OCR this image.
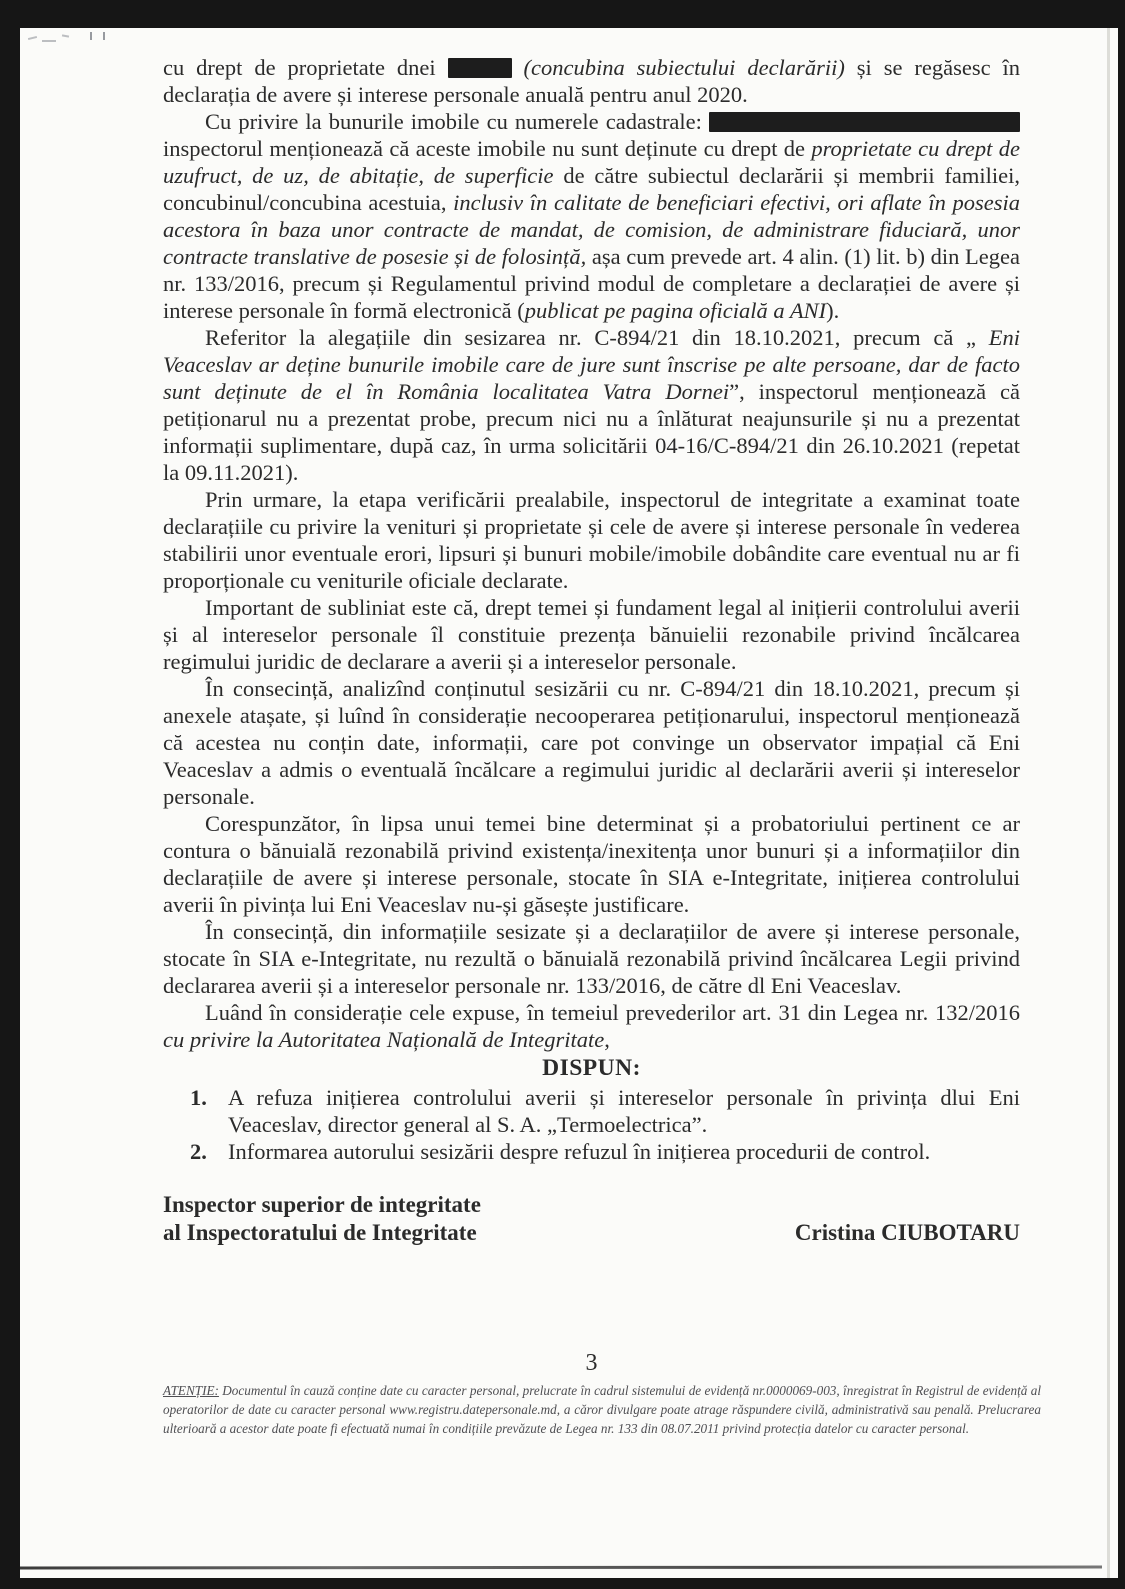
cu drept de proprietate dnei	(concubina subiectului declarării) și se regăsesc în declarația de avere și interese personale anuală pentru anul 2020.

Cu privire la bunurile imobile cu numerele cadastrale:  inspectorul menționează că aceste imobile nu sunt deținute cu drept de proprietate cu drept de uzufruct, de uz, de abitație, de superficie de către subiectul declarării și membrii familiei, concubinul/concubina acestuia, inclusiv în calitate de beneficiari efectivi, ori aflate în posesia acestora în baza unor contracte de mandat, de comision, de administrare fiduciară, unor contracte translative de posesie și de folosință, așa cum prevede art. 4 alin. (1) lit. b) din Legea nr. 133/2016, precum și Regulamentul privind modul de completare a declarației de avere și interese personale în formă electronică (publicat pe pagina oficială a ANI).

Referitor la alegațiile din sesizarea nr. C-894/21 din 18.10.2021, precum că „ Eni Veaceslav ar deține bunurile imobile care de jure sunt înscrise pe alte persoane, dar de facto sunt deținute de el în România localitatea Vatra Dornei”, inspectorul menționează că petiționarul nu a prezentat probe, precum nici nu a înlăturat neajunsurile și nu a prezentat informații suplimentare, după caz, în urma solicitării 04-16/C-894/21 din 26.10.2021 (repetat la 09.11.2021).

Prin urmare, la etapa verificării prealabile, inspectorul de integritate a examinat toate declarațiile cu privire la venituri și proprietate și cele de avere și interese personale în vederea stabilirii unor eventuale erori, lipsuri și bunuri mobile/imobile dobândite care eventual nu ar fi proporționale cu veniturile oficiale declarate.

Important de subliniat este că, drept temei și fundament legal al inițierii controlului averii și al intereselor personale îl constituie prezența bănuielii rezonabile privind încălcarea regimului juridic de declarare a averii și a intereselor personale.

În consecință, analizînd conținutul sesizării cu nr. C-894/21 din 18.10.2021, precum și anexele atașate, și luînd în considerație necooperarea petiționarului, inspectorul menționează că acestea nu conțin date, informații, care pot convinge un observator impațial că Eni Veaceslav a admis o eventuală încălcare a regimului juridic al declarării averii și intereselor personale.

Corespunzător, în lipsa unui temei bine determinat și a probatoriului pertinent ce ar contura o bănuială rezonabilă privind existența/inexitența unor bunuri și a informațiilor din declarațiile de avere și interese personale, stocate în SIA e-Integritate, inițierea controlului averii în pivința lui Eni Veaceslav nu-și găsește justificare.

În consecință, din informațiile sesizate și a declarațiilor de avere și interese personale, stocate în SIA e-Integritate, nu rezultă o bănuială rezonabilă privind încălcarea Legii privind declararea averii și a intereselor personale nr. 133/2016, de către dl Eni Veaceslav.

Luând în considerație cele expuse, în temeiul prevederilor art. 31 din Legea nr. 132/2016 cu privire la Autoritatea Națională de Integritate,

DISPUN:
1. A refuza inițierea controlului averii și intereselor personale în privința dlui Eni Veaceslav, director general al S. A. „Termoelectrica”.
2. Informarea autorului sesizării despre refuzul în inițierea procedurii de control.
Inspector superior de integritate
al Inspectoratului de Integritate	Cristina CIUBOTARU
3
ATENȚIE: Documentul în cauză conține date cu caracter personal, prelucrate în cadrul sistemului de evidență nr.0000069-003, înregistrat în Registrul de evidență al operatorilor de date cu caracter personal www.registru.datepersonale.md, a căror divulgare poate atrage răspundere civilă, administrativă sau penală. Prelucrarea ulterioară a acestor date poate fi efectuată numai în condițiile prevăzute de Legea nr. 133 din 08.07.2011 privind protecția datelor cu caracter personal.
